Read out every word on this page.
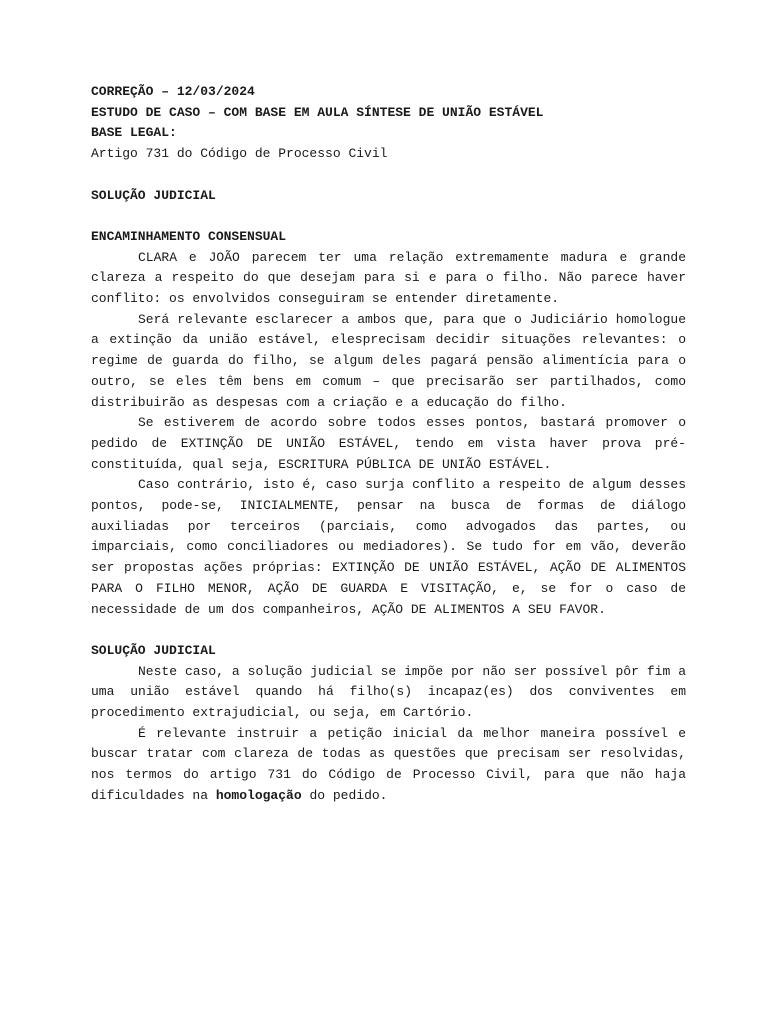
CORREÇÃO – 12/03/2024
ESTUDO DE CASO – COM BASE EM AULA SÍNTESE DE UNIÃO ESTÁVEL
BASE LEGAL:
Artigo 731 do Código de Processo Civil
SOLUÇÃO JUDICIAL
ENCAMINHAMENTO CONSENSUAL

CLARA e JOÃO parecem ter uma relação extremamente madura e grande clareza a respeito do que desejam para si e para o filho. Não parece haver conflito: os envolvidos conseguiram se entender diretamente.

Será relevante esclarecer a ambos que, para que o Judiciário homologue a extinção da união estável, elesprecisam decidir situações relevantes: o regime de guarda do filho, se algum deles pagará pensão alimentícia para o outro, se eles têm bens em comum – que precisarão ser partilhados, como distribuirão as despesas com a criação e a educação do filho.

Se estiverem de acordo sobre todos esses pontos, bastará promover o pedido de EXTINÇÃO DE UNIÃO ESTÁVEL, tendo em vista haver prova pré-constituída, qual seja, ESCRITURA PÚBLICA DE UNIÃO ESTÁVEL.

Caso contrário, isto é, caso surja conflito a respeito de algum desses pontos, pode-se, INICIALMENTE, pensar na busca de formas de diálogo auxiliadas por terceiros (parciais, como advogados das partes, ou imparciais, como conciliadores ou mediadores). Se tudo for em vão, deverão ser propostas ações próprias: EXTINÇÃO DE UNIÃO ESTÁVEL, AÇÃO DE ALIMENTOS PARA O FILHO MENOR, AÇÃO DE GUARDA E VISITAÇÃO, e, se for o caso de necessidade de um dos companheiros, AÇÃO DE ALIMENTOS A SEU FAVOR.

SOLUÇÃO JUDICIAL

Neste caso, a solução judicial se impõe por não ser possível pôr fim a uma união estável quando há filho(s) incapaz(es) dos conviventes em procedimento extrajudicial, ou seja, em Cartório.

É relevante instruir a petição inicial da melhor maneira possível e buscar tratar com clareza de todas as questões que precisam ser resolvidas, nos termos do artigo 731 do Código de Processo Civil, para que não haja dificuldades na homologação do pedido.
